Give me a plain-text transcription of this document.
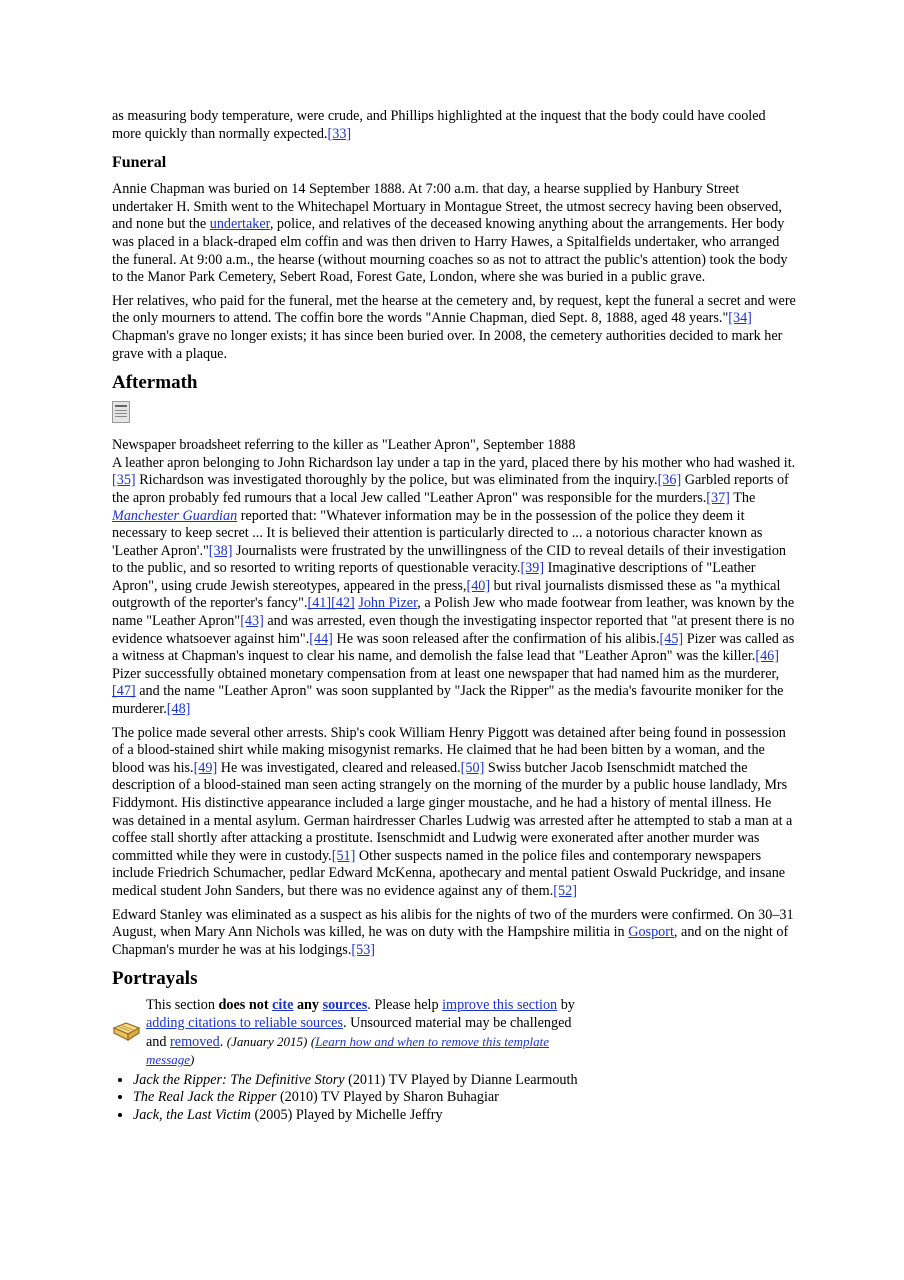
as measuring body temperature, were crude, and Phillips highlighted at the inquest that the body could have cooled more quickly than normally expected.[33]

Funeral

Annie Chapman was buried on 14 September 1888. At 7:00 a.m. that day, a hearse supplied by Hanbury Street undertaker H. Smith went to the Whitechapel Mortuary in Montague Street, the utmost secrecy having been observed, and none but the undertaker, police, and relatives of the deceased knowing anything about the arrangements. Her body was placed in a black-draped elm coffin and was then driven to Harry Hawes, a Spitalfields undertaker, who arranged the funeral. At 9:00 a.m., the hearse (without mourning coaches so as not to attract the public's attention) took the body to the Manor Park Cemetery, Sebert Road, Forest Gate, London, where she was buried in a public grave.

Her relatives, who paid for the funeral, met the hearse at the cemetery and, by request, kept the funeral a secret and were the only mourners to attend. The coffin bore the words "Annie Chapman, died Sept. 8, 1888, aged 48 years."[34] Chapman's grave no longer exists; it has since been buried over. In 2008, the cemetery authorities decided to mark her grave with a plaque.

Aftermath
Newspaper broadsheet referring to the killer as "Leather Apron", September 1888

A leather apron belonging to John Richardson lay under a tap in the yard, placed there by his mother who had washed it.[35] Richardson was investigated thoroughly by the police, but was eliminated from the inquiry.[36] Garbled reports of the apron probably fed rumours that a local Jew called "Leather Apron" was responsible for the murders.[37] The Manchester Guardian reported that: "Whatever information may be in the possession of the police they deem it necessary to keep secret ... It is believed their attention is particularly directed to ... a notorious character known as 'Leather Apron'."[38] Journalists were frustrated by the unwillingness of the CID to reveal details of their investigation to the public, and so resorted to writing reports of questionable veracity.[39] Imaginative descriptions of "Leather Apron", using crude Jewish stereotypes, appeared in the press,[40] but rival journalists dismissed these as "a mythical outgrowth of the reporter's fancy".[41][42] John Pizer, a Polish Jew who made footwear from leather, was known by the name "Leather Apron"[43] and was arrested, even though the investigating inspector reported that "at present there is no evidence whatsoever against him".[44] He was soon released after the confirmation of his alibis.[45] Pizer was called as a witness at Chapman's inquest to clear his name, and demolish the false lead that "Leather Apron" was the killer.[46] Pizer successfully obtained monetary compensation from at least one newspaper that had named him as the murderer,[47] and the name "Leather Apron" was soon supplanted by "Jack the Ripper" as the media's favourite moniker for the murderer.[48]

The police made several other arrests. Ship's cook William Henry Piggott was detained after being found in possession of a blood-stained shirt while making misogynist remarks. He claimed that he had been bitten by a woman, and the blood was his.[49] He was investigated, cleared and released.[50] Swiss butcher Jacob Isenschmidt matched the description of a blood-stained man seen acting strangely on the morning of the murder by a public house landlady, Mrs Fiddymont. His distinctive appearance included a large ginger moustache, and he had a history of mental illness. He was detained in a mental asylum. German hairdresser Charles Ludwig was arrested after he attempted to stab a man at a coffee stall shortly after attacking a prostitute. Isenschmidt and Ludwig were exonerated after another murder was committed while they were in custody.[51] Other suspects named in the police files and contemporary newspapers include Friedrich Schumacher, pedlar Edward McKenna, apothecary and mental patient Oswald Puckridge, and insane medical student John Sanders, but there was no evidence against any of them.[52]

Edward Stanley was eliminated as a suspect as his alibis for the nights of two of the murders were confirmed. On 30–31 August, when Mary Ann Nichols was killed, he was on duty with the Hampshire militia in Gosport, and on the night of Chapman's murder he was at his lodgings.[53]

Portrayals
This section does not cite any sources. Please help improve this section by adding citations to reliable sources. Unsourced material may be challenged and removed. (January 2015) (Learn how and when to remove this template message)
• Jack the Ripper: The Definitive Story (2011) TV Played by Dianne Learmouth
• The Real Jack the Ripper (2010) TV Played by Sharon Buhagiar
• Jack, the Last Victim (2005) Played by Michelle Jeffry
